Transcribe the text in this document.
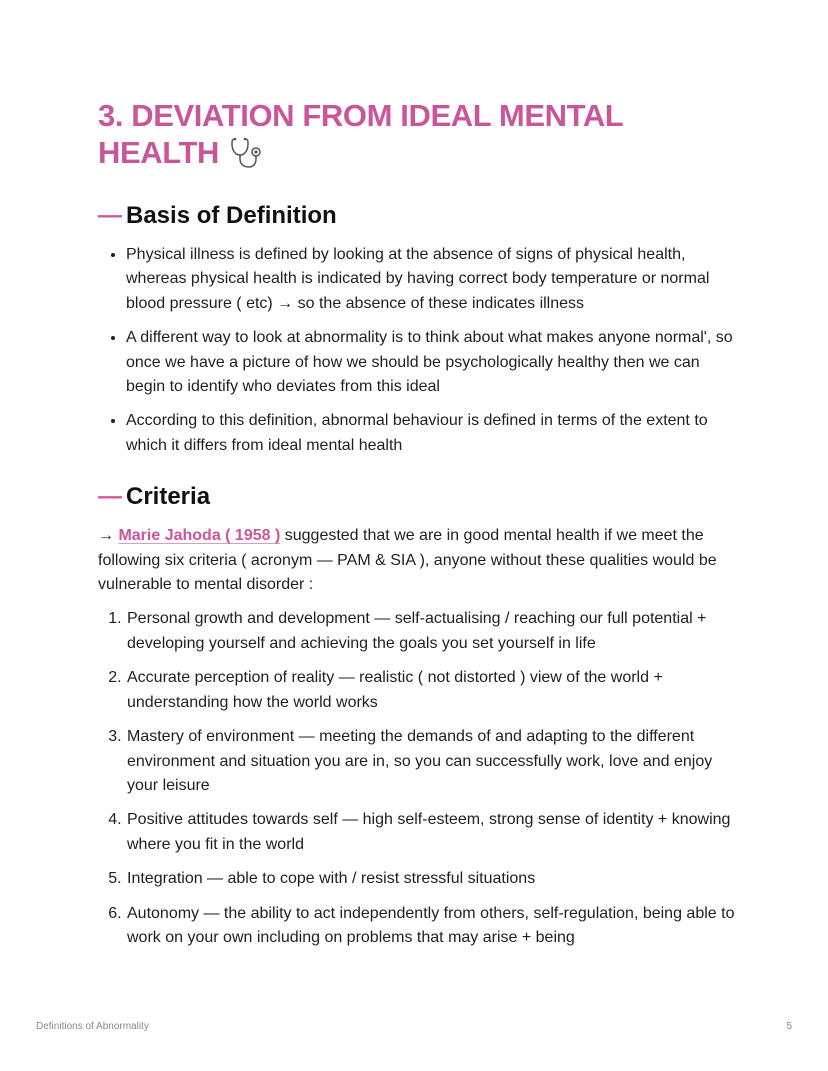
3. DEVIATION FROM IDEAL MENTAL
HEALTH
— Basis of Definition
• Physical illness is defined by looking at the absence of signs of physical health, whereas physical health is indicated by having correct body temperature or normal blood pressure ( etc) → so the absence of these indicates illness
• A different way to look at abnormality is to think about what makes anyone normal', so once we have a picture of how we should be psychologically healthy then we can begin to identify who deviates from this ideal
• According to this definition, abnormal behaviour is defined in terms of the extent to which it differs from ideal mental health
— Criteria

→ Marie Jahoda ( 1958 ) suggested that we are in good mental health if we meet the following six criteria ( acronym — PAM & SIA ), anyone without these qualities would be vulnerable to mental disorder :

1. Personal growth and development — self-actualising / reaching our full potential + developing yourself and achieving the goals you set yourself in life
2. Accurate perception of reality — realistic ( not distorted ) view of the world + understanding how the world works
3. Mastery of environment — meeting the demands of and adapting to the different environment and situation you are in, so you can successfully work, love and enjoy your leisure
4. Positive attitudes towards self — high self-esteem, strong sense of identity + knowing where you fit in the world
5. Integration — able to cope with / resist stressful situations
6. Autonomy — the ability to act independently from others, self-regulation, being able to work on your own including on problems that may arise + being
Definitions of Abnormality	5
